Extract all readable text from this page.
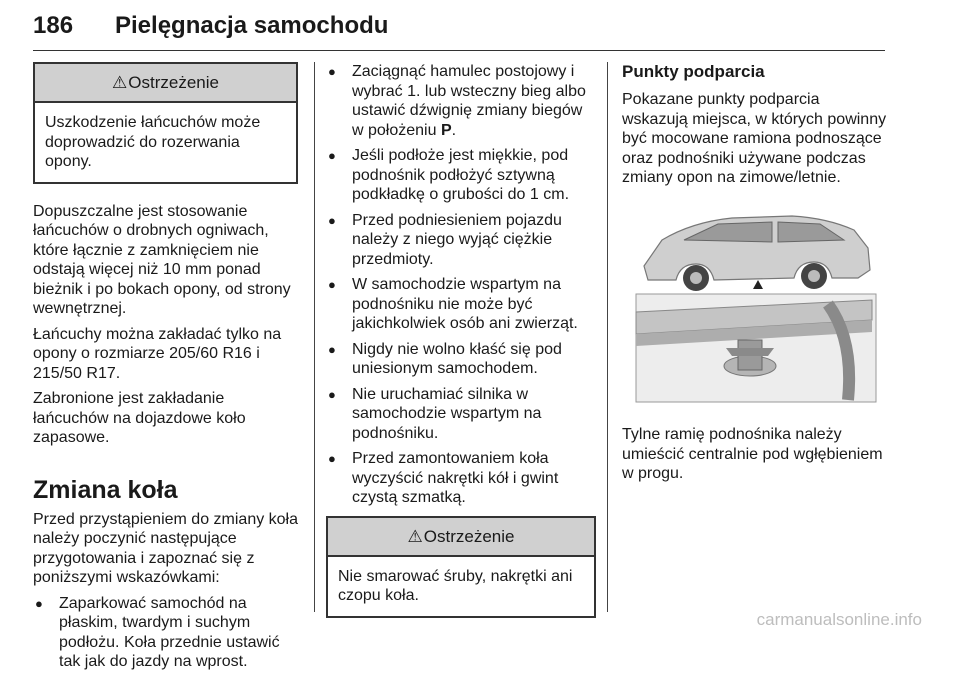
186 Pielęgnacja samochodu
⚠Ostrzeżenie
Uszkodzenie łańcuchów może doprowadzić do rozerwania opony.

Dopuszczalne jest stosowanie łańcuchów o drobnych ogniwach, które łącznie z zamknięciem nie odstają więcej niż 10 mm ponad bieżnik i po bokach opony, od strony wewnętrznej.

Łańcuchy można zakładać tylko na opony o rozmiarze 205/60 R16 i 215/50 R17.

Zabronione jest zakładanie łańcuchów na dojazdowe koło zapasowe.

Zmiana koła

Przed przystąpieniem do zmiany koła należy poczynić następujące przygotowania i zapoznać się z poniższymi wskazówkami:

● Zaparkować samochód na płaskim, twardym i suchym podłożu. Koła przednie ustawić tak jak do jazdy na wprost.
● Zaciągnąć hamulec postojowy i wybrać 1. lub wsteczny bieg albo ustawić dźwignię zmiany biegów w położeniu P.
● Jeśli podłoże jest miękkie, pod podnośnik podłożyć sztywną podkładkę o grubości do 1 cm.
● Przed podniesieniem pojazdu należy z niego wyjąć ciężkie przedmioty.
● W samochodzie wspartym na podnośniku nie może być jakichkolwiek osób ani zwierząt.
● Nigdy nie wolno kłaść się pod uniesionym samochodem.
● Nie uruchamiać silnika w samochodzie wspartym na podnośniku.
● Przed zamontowaniem koła wyczyścić nakrętki kół i gwint czystą szmatką.
⚠Ostrzeżenie
Nie smarować śruby, nakrętki ani czopu koła.
Punkty podparcia

Pokazane punkty podparcia wskazują miejsca, w których powinny być mocowane ramiona podnoszące oraz podnośniki używane podczas zmiany opon na zimowe/letnie.

Tylne ramię podnośnika należy umieścić centralnie pod wgłębieniem w progu.

carmanualsonline.info
